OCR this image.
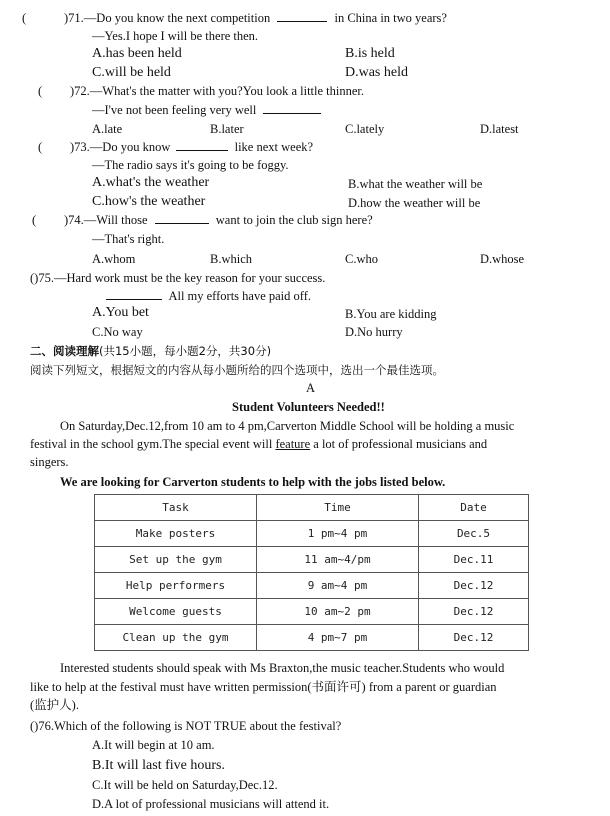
(	)71.—Do you know the next competition	in China in two years?
—Yes.I hope I will be there then.
A.has been held	B.is held
C.will be held	D.was held
( )72.—What's the matter with you?You look a little thinner.
—I've not been feeling very well
A.late	B.later	C.lately	D.latest
( )73.—Do you know	like next week?
—The radio says it's going to be foggy.
A.what's the weather	B.what the weather will be
C.how's the weather	D.how the weather will be
( )74.—Will those	want to join the club sign here?
—That's right.
A.whom	B.which	C.who	D.whose
()75.—Hard work must be the key reason for your success.
All my efforts have paid off.
A.You bet	B.You are kidding
C.No way	D.No hurry
二、阅读理解(共15小题，每小题2分，共30分)
阅读下列短文，根据短文的内容从每小题所给的四个选项中，选出一个最佳选项。
A
Student Volunteers Needed!!
On Saturday,Dec.12,from 10 am to 4 pm,Carverton Middle School will be holding a music
festival in the school gym.The special event will feature a lot of professional musicians and
singers.
We are looking for Carverton students to help with the jobs listed below.
Task	Time	Date
Make posters	1 pm~4 pm	Dec.5
Set up the gym	11 am~4/pm	Dec.11
Help performers	9 am~4 pm	Dec.12
Welcome guests	10 am~2 pm	Dec.12
Clean up the gym	4 pm~7 pm	Dec.12
Interested students should speak with Ms Braxton,the music teacher.Students who would
like to help at the festival must have written permission(书面许可) from a parent or guardian
(监护人).
()76.Which of the following is NOT TRUE about the festival?
A.It will begin at 10 am.
B.It will last five hours.
C.It will be held on Saturday,Dec.12.
D.A lot of professional musicians will attend it.
